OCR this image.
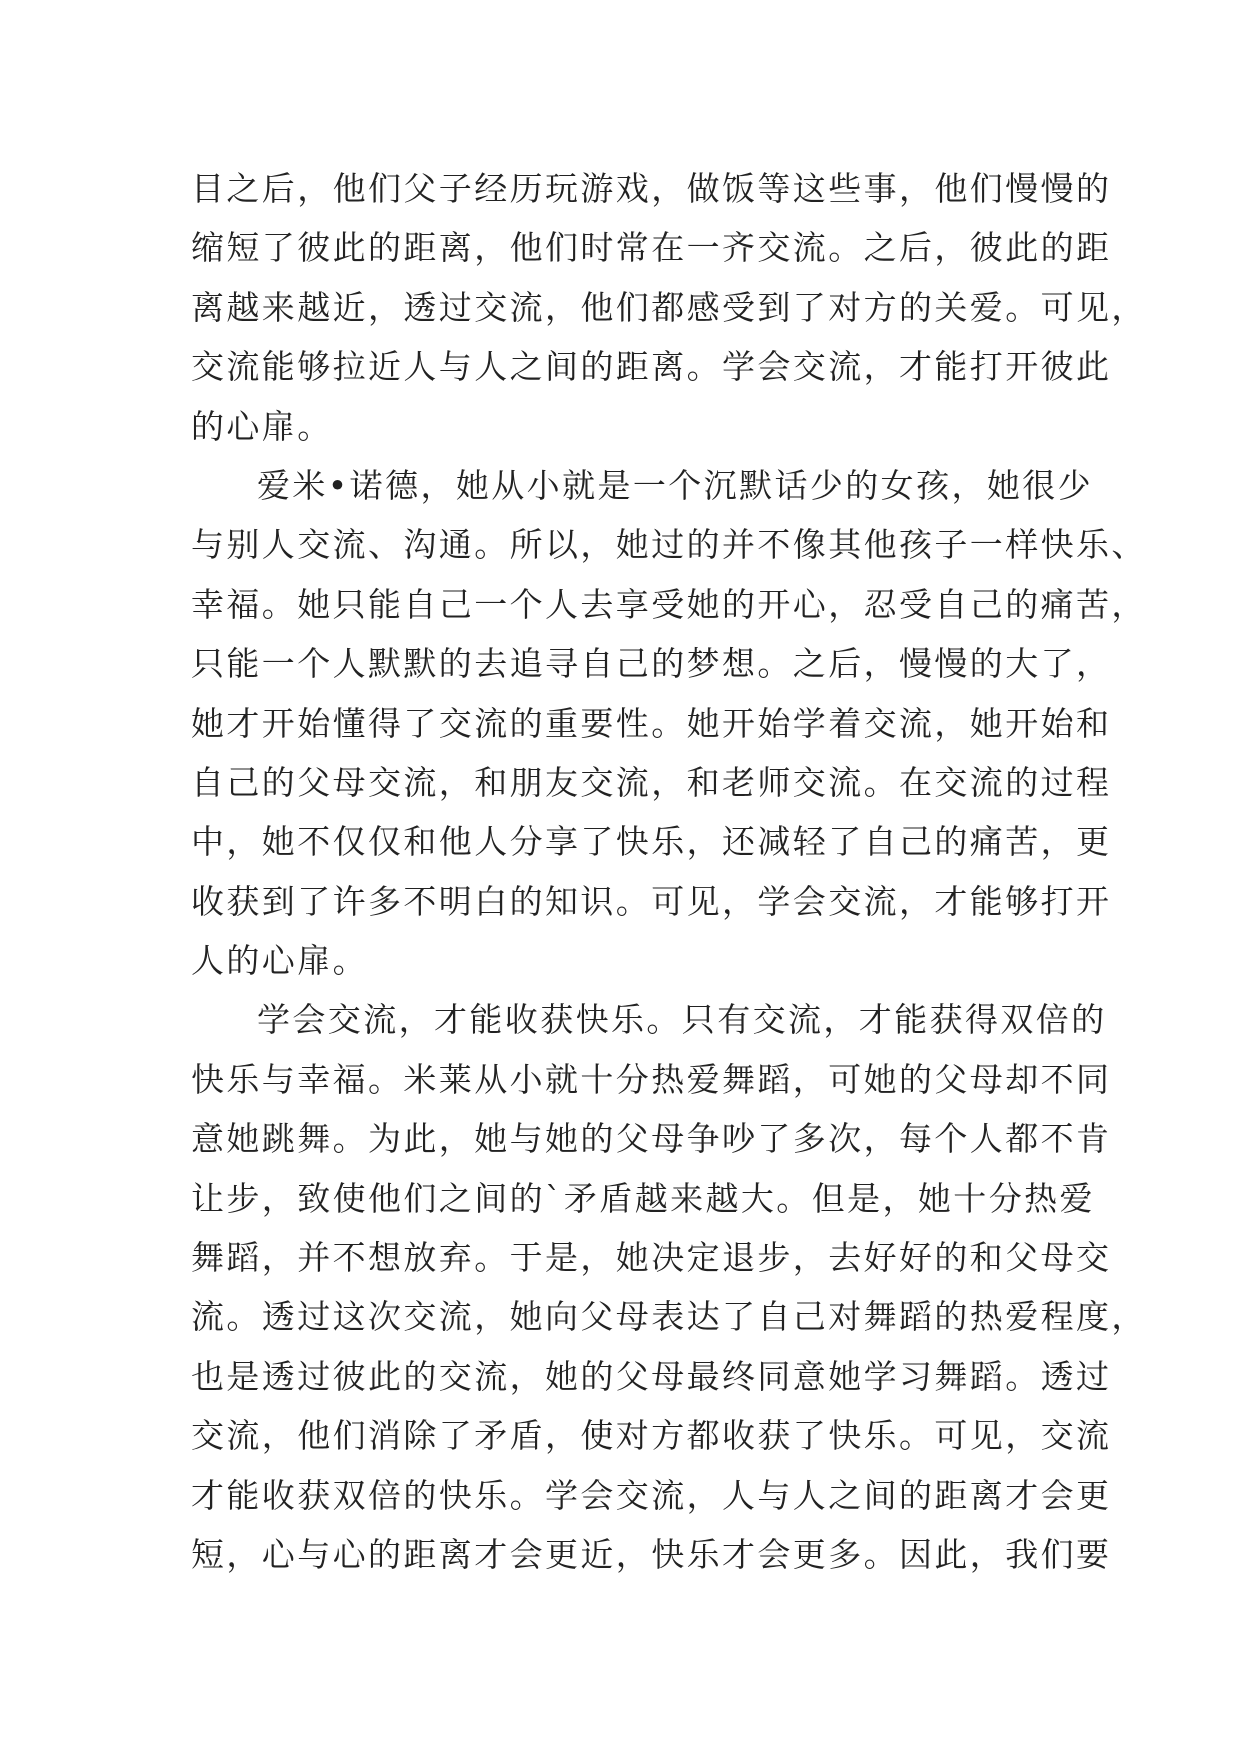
目之后，他们父子经历玩游戏，做饭等这些事，他们慢慢的
缩短了彼此的距离，他们时常在一齐交流。之后，彼此的距
离越来越近，透过交流，他们都感受到了对方的关爱。可见，
交流能够拉近人与人之间的距离。学会交流，才能打开彼此
的心扉。
爱米•诺德，她从小就是一个沉默话少的女孩，她很少
与别人交流、沟通。所以，她过的并不像其他孩子一样快乐、
幸福。她只能自己一个人去享受她的开心，忍受自己的痛苦，
只能一个人默默的去追寻自己的梦想。之后，慢慢的大了，
她才开始懂得了交流的重要性。她开始学着交流，她开始和
自己的父母交流，和朋友交流，和老师交流。在交流的过程
中，她不仅仅和他人分享了快乐，还减轻了自己的痛苦，更
收获到了许多不明白的知识。可见，学会交流，才能够打开
人的心扉。
学会交流，才能收获快乐。只有交流，才能获得双倍的
快乐与幸福。米莱从小就十分热爱舞蹈，可她的父母却不同
意她跳舞。为此，她与她的父母争吵了多次，每个人都不肯
让步，致使他们之间的`矛盾越来越大。但是，她十分热爱
舞蹈，并不想放弃。于是，她决定退步，去好好的和父母交
流。透过这次交流，她向父母表达了自己对舞蹈的热爱程度，
也是透过彼此的交流，她的父母最终同意她学习舞蹈。透过
交流，他们消除了矛盾，使对方都收获了快乐。可见，交流
才能收获双倍的快乐。学会交流，人与人之间的距离才会更
短，心与心的距离才会更近，快乐才会更多。因此，我们要
